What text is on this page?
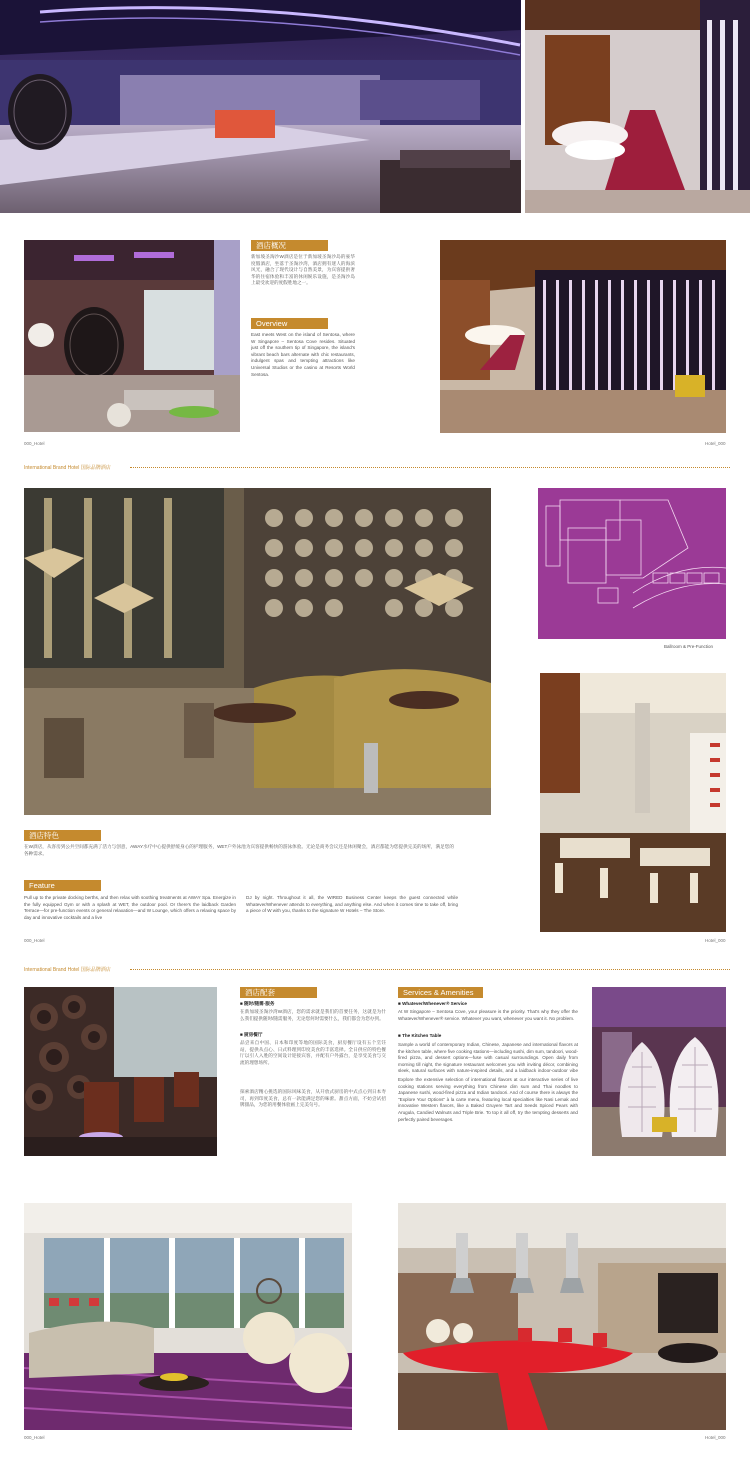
酒店概况
新加坡圣淘沙W酒店是位于新加坡圣淘沙岛的豪华度假酒店，坐落于圣淘沙湾，酒店拥有迷人的海滨风光，融合了现代设计与自然美景，为宾客提供奢华的住宿体验和丰富的休闲娱乐设施，是圣淘沙岛上最受欢迎的度假胜地之一。
Overview
East meets West on the island of Sentosa, where W Singapore – Sentosa Cove resides. Situated just off the southern tip of Singapore, the island's vibrant beach bars alternate with chic restaurants, indulgent spas and tempting attractions like Universal Studios or the casino at Resorts World Sentosa.
000_Hotel	Hotel_000
International Brand Hotel 国际品牌酒店
Ballroom & Pre-Function
酒店特色
在W酒店，从客房到公共空间都充满了活力与创意，AWAY水疗中心提供舒缓身心的护理服务，WET户外泳池为宾客提供畅快的游泳体验。无论是商务会议还是休闲聚会，酒店都能为您提供完美的场所，满足您的各种需求。
Feature
Pull up to the private docking berths, and then relax with soothing treatments at AWAY Spa. Energize in the fully equipped Gym or with a splash at WET, the outdoor pool. Or there's the laidback Garden Terrace—for pre-function events or general relaxation—and W Lounge, which offers a relaxing space by day and innovative cocktails and a live
DJ by night. Throughout it all, the WIRED Business Center keeps the guest connected while Whatever/Whenever attends to everything, and anything else. And when it comes time to take off, bring a piece of W with you, thanks to the signature W Hotels – The Store.
000_Hotel	Hotel_000
International Brand Hotel 国际品牌酒店
酒店配套
■ 随时/随需·服务
在新加坡圣淘沙湾W酒店，您的需求就是我们的首要任务，这就是为什么我们提供随时/随需服务，无论您何时需要什么，我们都会为您办到。
■ 厨房餐厅
品尝来自中国、日本和印度等地的国际美食，厨房餐厅设有五个烹饪站，提供从点心、日式料理到印度美食的丰富选择。全日供应的特色餐厅以引人入胜的空间设计迎接宾客，并配有户外露台，是享受美食与交流的理想场所。
探索酒店精心挑选的国际风味美食，从开放式厨房的中式点心到日本寿司，再到印度美食，总有一款能满足您的味蕾。甜点方面，不妨尝试招牌甜品，为您的用餐体验画上完美句号。
Services & Amenities
■ Whatever/Whenever® Service
At W Singapore – Sentosa Cove, your pleasure is the priority. That's why they offer the Whatever/Whenever® service. Whatever you want, whenever you want it. No problem.
■ The Kitchen Table
Sample a world of contemporary Indian, Chinese, Japanese and international flavors at the kitchen table, where five cooking stations—including sushi, dim sum, tandoori, wood-fired pizza, and dessert options—fuse with casual surroundings. Open daily from morning till night, the signature restaurant welcomes you with inviting décor, combining sleek, natural surfaces with nature-inspired details, and a laidback indoor-outdoor vibe
Explore the extensive selection of international flavors at our interactive series of live cooking stations serving everything from Chinese dim sum and Thai noodles to Japanese sushi, wood-fired pizza and Indian tandoori. And of course there is always the "Explore Your Options" à la carte menu, featuring local specialties like Nasi Lemak and innovative Western flavors, like a Baked Gruyere Tart and Seeds Spiced Pears with Arugula, Candied Walnuts and Triple Brie. To top it all off, try the tempting desserts and perfectly paired beverages.
000_Hotel	Hotel_000
